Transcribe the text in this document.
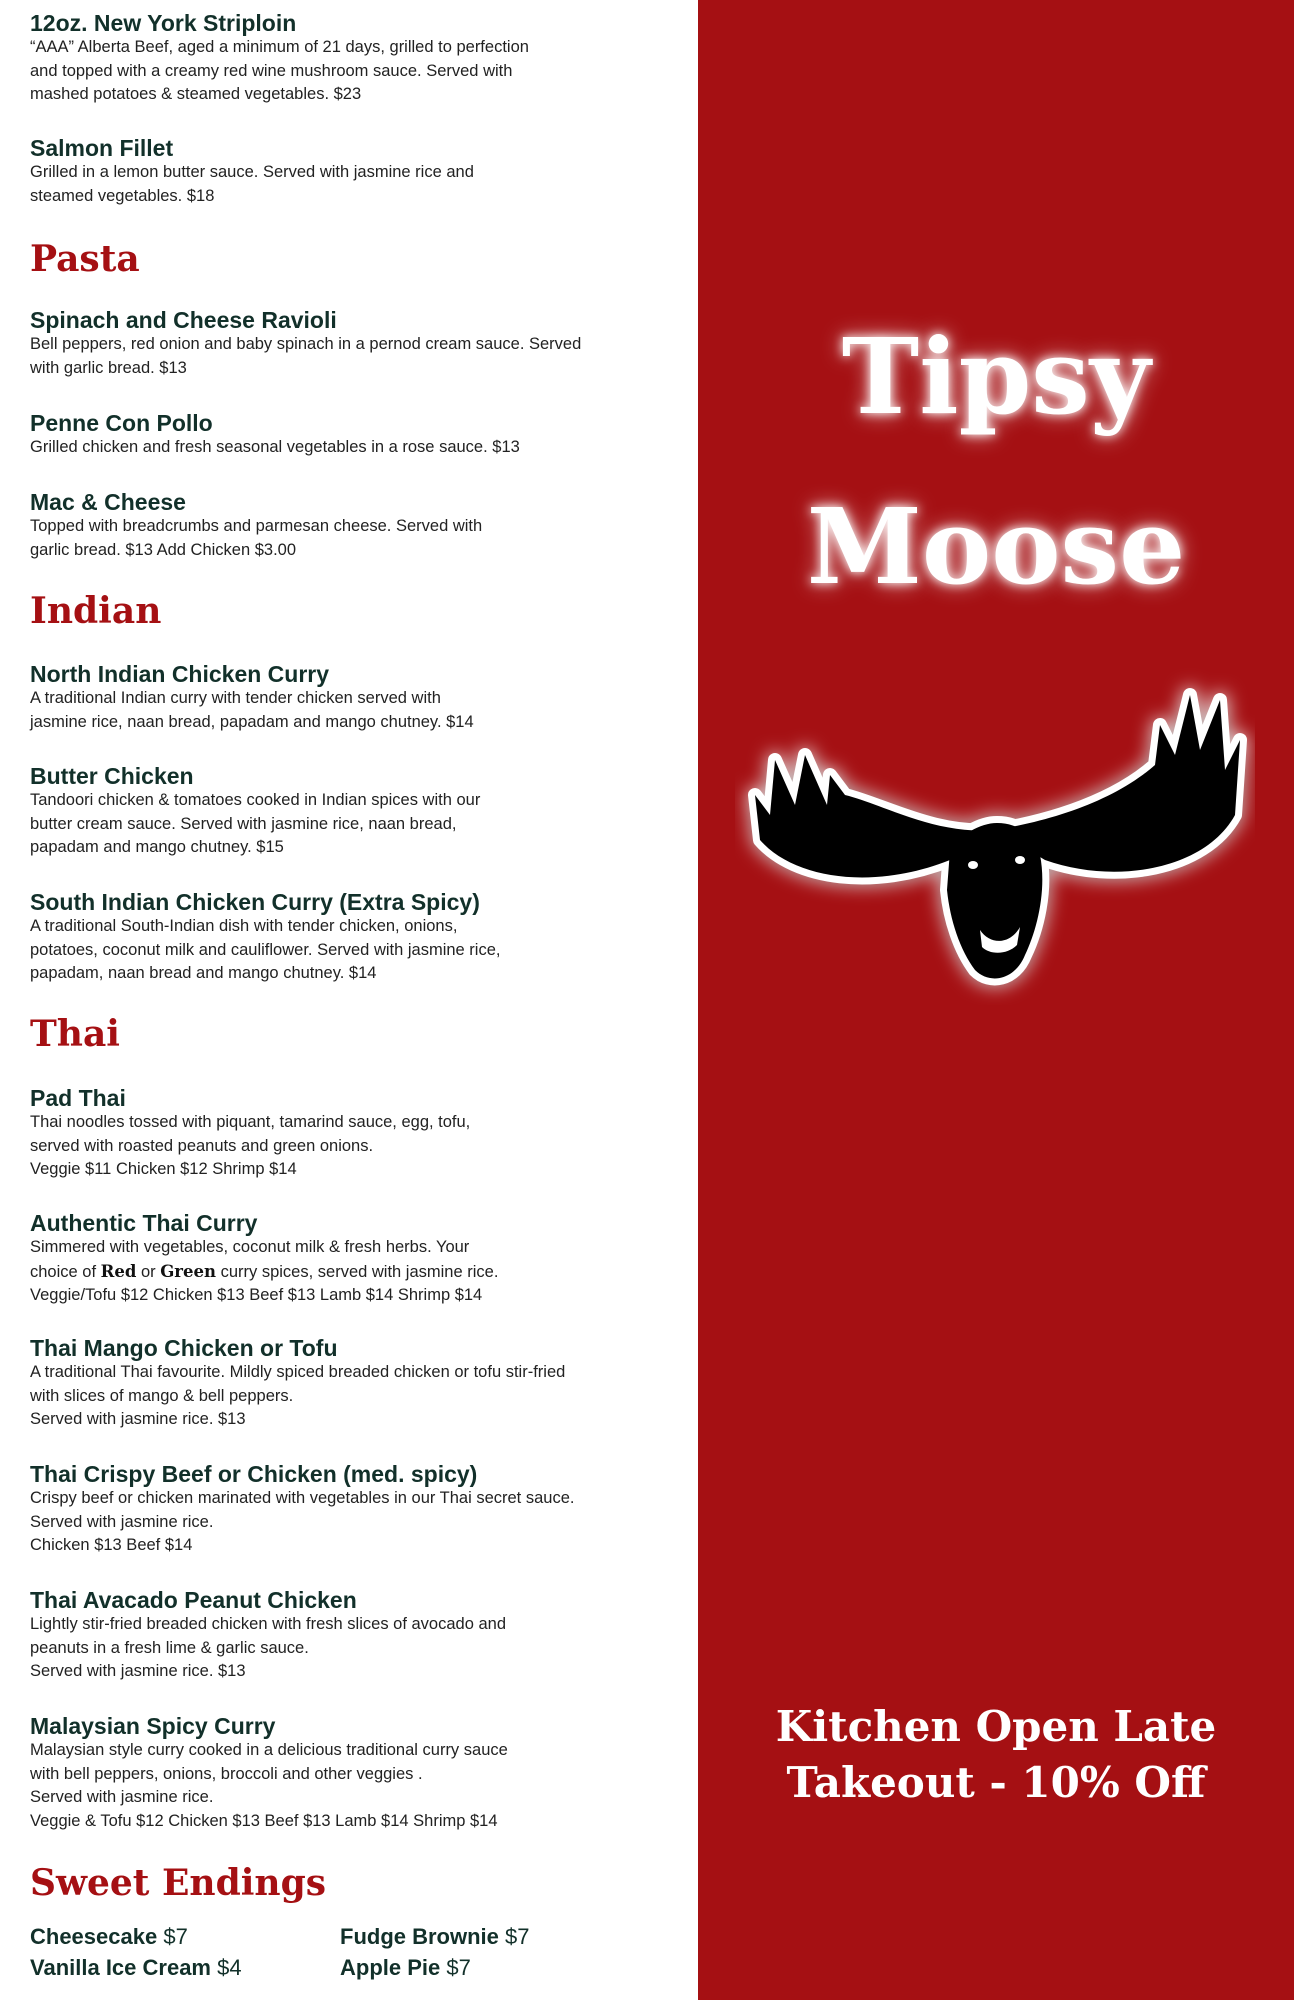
12oz. New York Striploin
“AAA” Alberta Beef, aged a minimum of 21 days, grilled to perfection
and topped with a creamy red wine mushroom sauce. Served with
mashed potatoes & steamed vegetables. $23
Salmon Fillet
Grilled in a lemon butter sauce. Served with jasmine rice and
steamed vegetables. $18
Pasta
Spinach and Cheese Ravioli
Bell peppers, red onion and baby spinach in a pernod cream sauce. Served
with garlic bread. $13
Penne Con Pollo
Grilled chicken and fresh seasonal vegetables in a rose sauce. $13
Mac & Cheese
Topped with breadcrumbs and parmesan cheese. Served with
garlic bread. $13 Add Chicken $3.00
Indian
North Indian Chicken Curry
A traditional Indian curry with tender chicken served with
jasmine rice, naan bread, papadam and mango chutney. $14
Butter Chicken
Tandoori chicken & tomatoes cooked in Indian spices with our
butter cream sauce. Served with jasmine rice, naan bread,
papadam and mango chutney. $15
South Indian Chicken Curry (Extra Spicy)
A traditional South-Indian dish with tender chicken, onions,
potatoes, coconut milk and cauliflower. Served with jasmine rice,
papadam, naan bread and mango chutney. $14
Thai
Pad Thai
Thai noodles tossed with piquant, tamarind sauce, egg, tofu,
served with roasted peanuts and green onions.
Veggie $11 Chicken $12 Shrimp $14
Authentic Thai Curry
Simmered with vegetables, coconut milk & fresh herbs. Your
choice of Red or Green curry spices, served with jasmine rice.
Veggie/Tofu $12 Chicken $13 Beef $13 Lamb $14 Shrimp $14
Thai Mango Chicken or Tofu
A traditional Thai favourite. Mildly spiced breaded chicken or tofu stir-fried
with slices of mango & bell peppers.
Served with jasmine rice. $13
Thai Crispy Beef or Chicken (med. spicy)
Crispy beef or chicken marinated with vegetables in our Thai secret sauce.
Served with jasmine rice.
Chicken $13 Beef $14
Thai Avacado Peanut Chicken
Lightly stir-fried breaded chicken with fresh slices of avocado and
peanuts in a fresh lime & garlic sauce.
Served with jasmine rice. $13
Malaysian Spicy Curry
Malaysian style curry cooked in a delicious traditional curry sauce
with bell peppers, onions, broccoli and other veggies .
Served with jasmine rice.
Veggie & Tofu $12 Chicken $13 Beef $13 Lamb $14 Shrimp $14
Sweet Endings
Cheesecake $7	Fudge Brownie $7
Vanilla Ice Cream $4	Apple Pie $7
Tipsy
Moose
Kitchen Open Late
Takeout - 10% Off
